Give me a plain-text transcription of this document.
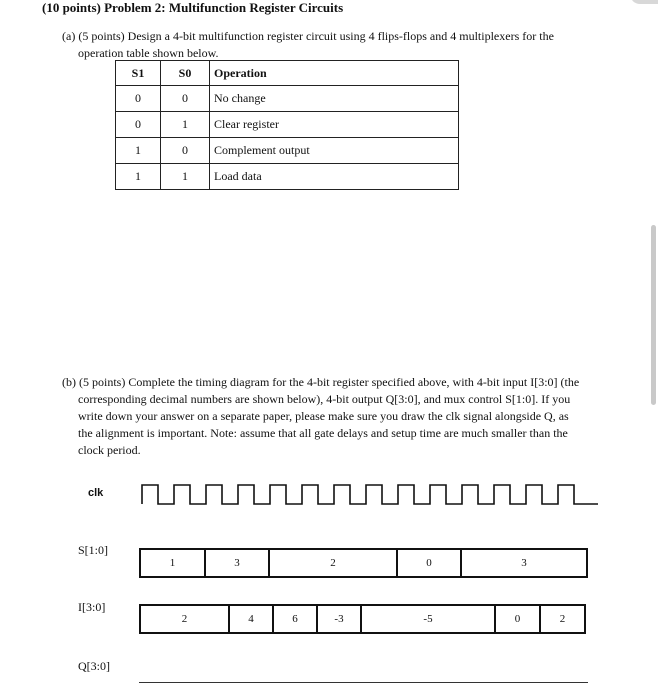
(10 points) Problem 2: Multifunction Register Circuits
(a) (5 points) Design a 4-bit multifunction register circuit using 4 flips-flops and 4 multiplexers for the
operation table shown below.
S1	S0	Operation
0	0	No change
0	1	Clear register
1	0	Complement output
1	1	Load data
(b) (5 points) Complete the timing diagram for the 4-bit register specified above, with 4-bit input I[3:0] (the
corresponding decimal numbers are shown below), 4-bit output Q[3:0], and mux control S[1:0]. If you
write down your answer on a separate paper, please make sure you draw the clk signal alongside Q, as
the alignment is important. Note: assume that all gate delays and setup time are much smaller than the
clock period.
clk
S[1:0]
1	3	2	0	3
I[3:0]
2	4	6	-3	-5	0	2
Q[3:0]
